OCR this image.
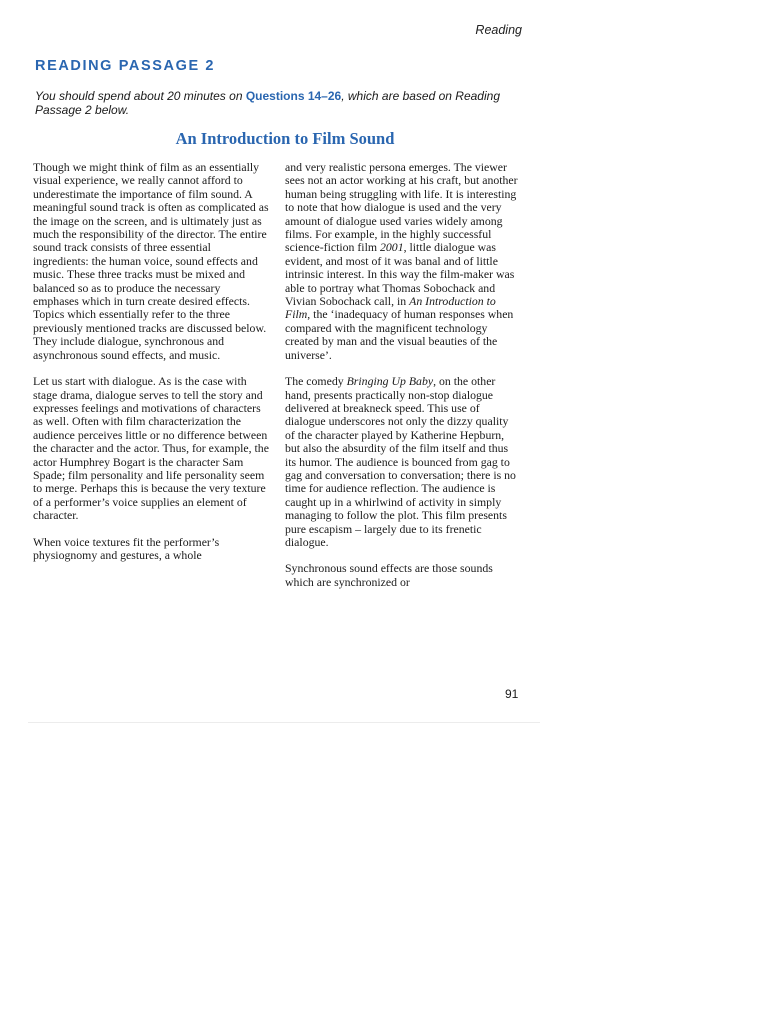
Reading
READING PASSAGE 2
You should spend about 20 minutes on Questions 14–26, which are based on Reading Passage 2 below.
An Introduction to Film Sound

Though we might think of film as an essentially visual experience, we really cannot afford to underestimate the importance of film sound. A meaningful sound track is often as complicated as the image on the screen, and is ultimately just as much the responsibility of the director. The entire sound track consists of three essential ingredients: the human voice, sound effects and music. These three tracks must be mixed and balanced so as to produce the necessary emphases which in turn create desired effects. Topics which essentially refer to the three previously mentioned tracks are discussed below. They include dialogue, synchronous and asynchronous sound effects, and music.

Let us start with dialogue. As is the case with stage drama, dialogue serves to tell the story and expresses feelings and motivations of characters as well. Often with film characterization the audience perceives little or no difference between the character and the actor. Thus, for example, the actor Humphrey Bogart is the character Sam Spade; film personality and life personality seem to merge. Perhaps this is because the very texture of a performer’s voice supplies an element of character.

When voice textures fit the performer’s physiognomy and gestures, a whole

and very realistic persona emerges. The viewer sees not an actor working at his craft, but another human being struggling with life. It is interesting to note that how dialogue is used and the very amount of dialogue used varies widely among films. For example, in the highly successful science-fiction film 2001, little dialogue was evident, and most of it was banal and of little intrinsic interest. In this way the film-maker was able to portray what Thomas Sobochack and Vivian Sobochack call, in An Introduction to Film, the ‘inadequacy of human responses when compared with the magnificent technology created by man and the visual beauties of the universe’.

The comedy Bringing Up Baby, on the other hand, presents practically non-stop dialogue delivered at breakneck speed. This use of dialogue underscores not only the dizzy quality of the character played by Katherine Hepburn, but also the absurdity of the film itself and thus its humor. The audience is bounced from gag to gag and conversation to conversation; there is no time for audience reflection. The audience is caught up in a whirlwind of activity in simply managing to follow the plot. This film presents pure escapism – largely due to its frenetic dialogue.

Synchronous sound effects are those sounds which are synchronized or

91
